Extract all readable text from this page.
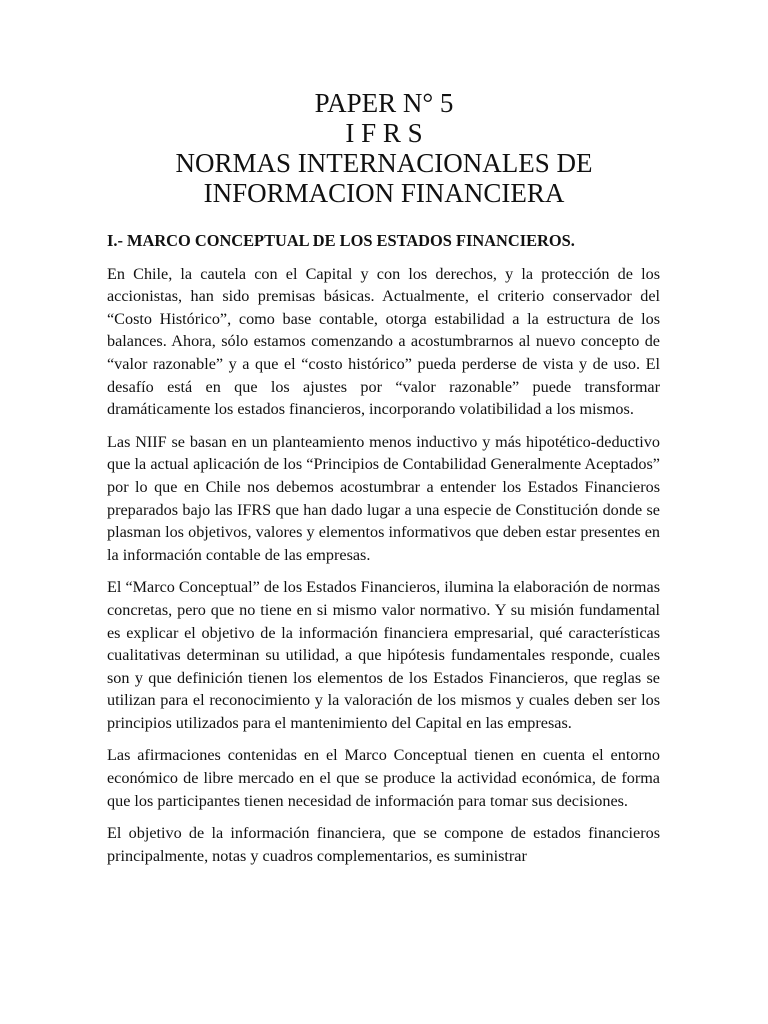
PAPER N° 5
I F R S
NORMAS INTERNACIONALES DE
INFORMACION FINANCIERA

I.- MARCO CONCEPTUAL DE LOS ESTADOS FINANCIEROS.

En Chile, la cautela con el Capital y con los derechos, y la protección de los accionistas, han sido premisas básicas. Actualmente, el criterio conservador del “Costo Histórico”, como base contable, otorga estabilidad a la estructura de los balances. Ahora, sólo estamos comenzando a acostumbrarnos al nuevo concepto de “valor razonable” y a que el “costo histórico” pueda perderse de vista y de uso. El desafío está en que los ajustes por “valor razonable” puede transformar dramáticamente los estados financieros, incorporando volatibilidad a los mismos.

Las NIIF se basan en un planteamiento menos inductivo y más hipotético-deductivo que la actual aplicación de los “Principios de Contabilidad Generalmente Aceptados” por lo que en Chile nos debemos acostumbrar a entender los Estados Financieros preparados bajo las IFRS que han dado lugar a una especie de Constitución donde se plasman los objetivos, valores y elementos informativos que deben estar presentes en la información contable de las empresas.

El “Marco Conceptual” de los Estados Financieros, ilumina la elaboración de normas concretas, pero que no tiene en si mismo valor normativo. Y su misión fundamental es explicar el objetivo de la información financiera empresarial, qué características cualitativas determinan su utilidad, a que hipótesis fundamentales responde, cuales son y que definición tienen los elementos de los Estados Financieros, que reglas se utilizan para el reconocimiento y la valoración de los mismos y cuales deben ser los principios utilizados para el mantenimiento del Capital en las empresas.

Las afirmaciones contenidas en el Marco Conceptual tienen en cuenta el entorno económico de libre mercado en el que se produce la actividad económica, de forma que los participantes tienen necesidad de información para tomar sus decisiones.

El objetivo de la información financiera, que se compone de estados financieros principalmente, notas y cuadros complementarios, es suministrar
